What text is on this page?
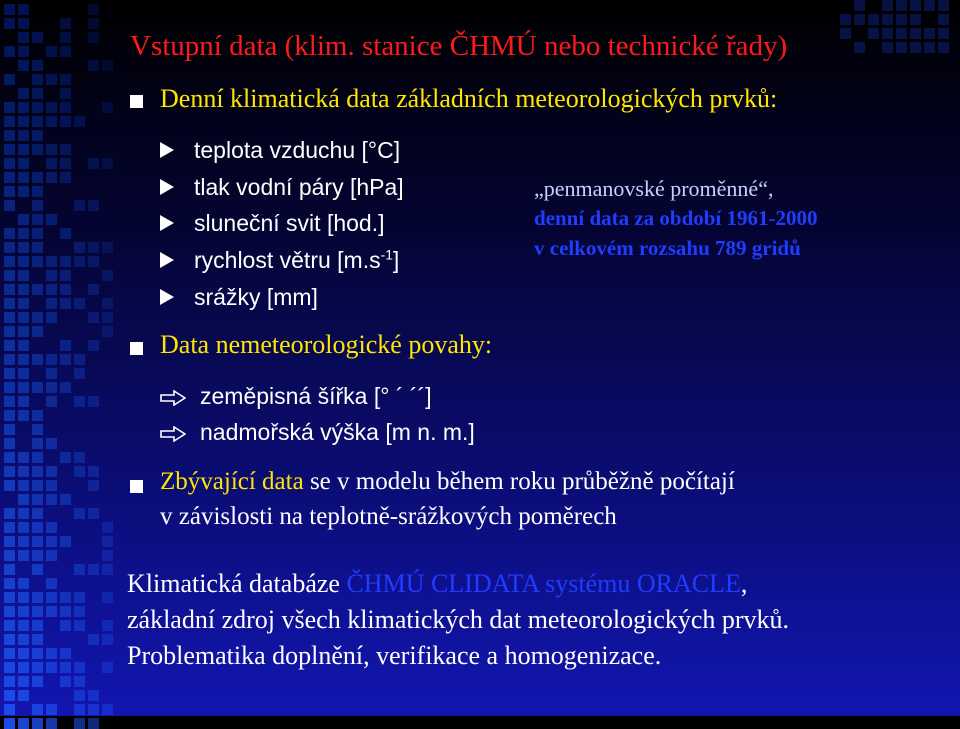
Vstupní data (klim. stanice ČHMÚ nebo technické řady)
Denní klimatická data základních meteorologických prvků:
teplota vzduchu [°C]
tlak vodní páry [hPa]
sluneční svit [hod.]
rychlost větru $[m.s^{-1}]$
srážky [mm]
„penmanovské proměnné“,
denní data za období 1961-2000
v celkovém rozsahu 789 gridů
Data nemeteorologické povahy:
zeměpisná šířka [° ´ ´´]
nadmořská výška [m n. m.]
Zbývající data se v modelu během roku průběžně počítají
v závislosti na teplotně-srážkových poměrech
Klimatická databáze ČHMÚ CLIDATA systému ORACLE,
základní zdroj všech klimatických dat meteorologických prvků.
Problematika doplnění, verifikace a homogenizace.
